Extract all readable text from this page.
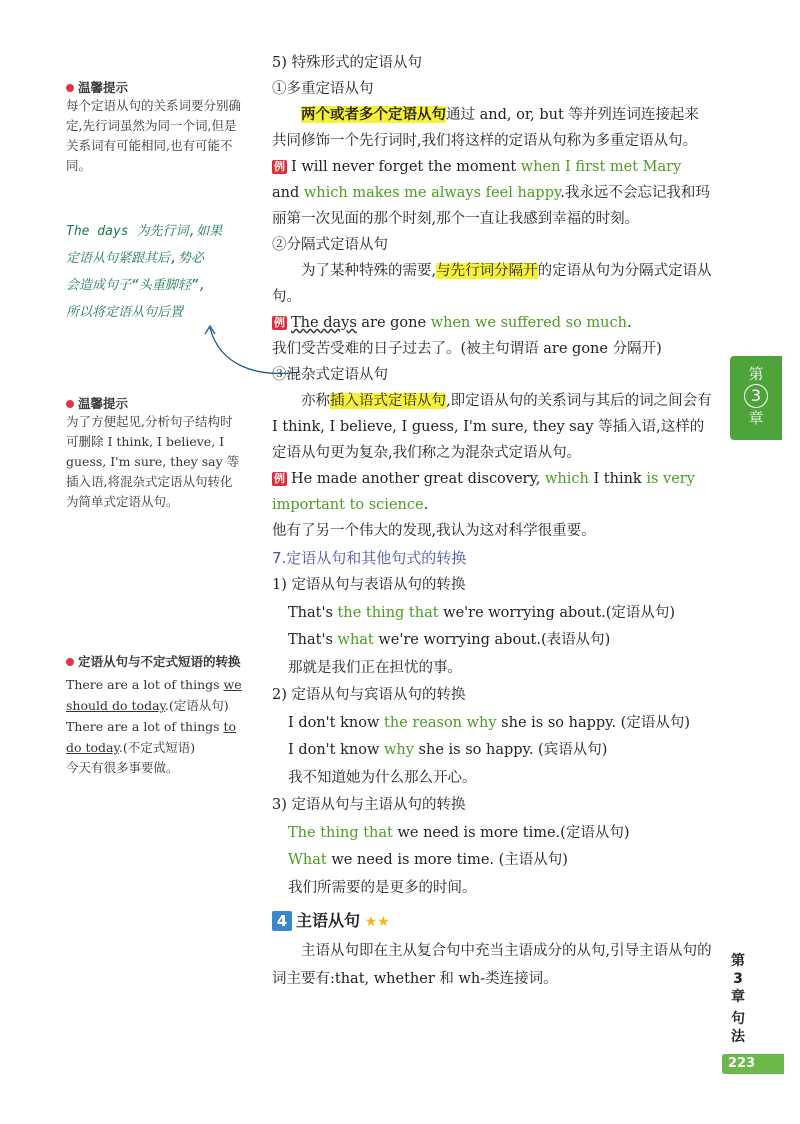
温馨提示
每个定语从句的关系词要分别确定,先行词虽然为同一个词,但是关系词有可能相同,也有可能不同。
The days 为先行词,如果
定语从句紧跟其后,势必
会造成句子“头重脚轻”,
所以将定语从句后置
温馨提示
为了方便起见,分析句子结构时可删除 I think, I believe, I guess, I'm sure, they say 等插入语,将混杂式定语从句转化为简单式定语从句。
定语从句与不定式短语的转换
There are a lot of things we should do today.(定语从句)
There are a lot of things to do today.(不定式短语)
今天有很多事要做。
5) 特殊形式的定语从句
①多重定语从句
两个或者多个定语从句通过 and, or, but 等并列连词连接起来共同修饰一个先行词时,我们将这样的定语从句称为多重定语从句。
例 I will never forget the moment when I first met Mary and which makes me always feel happy.我永远不会忘记我和玛丽第一次见面的那个时刻,那个一直让我感到幸福的时刻。
②分隔式定语从句
为了某种特殊的需要,与先行词分隔开的定语从句为分隔式定语从句。
例 The days are gone when we suffered so much.
我们受苦受难的日子过去了。(被主句谓语 are gone 分隔开)
③混杂式定语从句
亦称插入语式定语从句,即定语从句的关系词与其后的词之间会有 I think, I believe, I guess, I'm sure, they say 等插入语,这样的定语从句更为复杂,我们称之为混杂式定语从句。
例 He made another great discovery, which I think is very important to science.
他有了另一个伟大的发现,我认为这对科学很重要。
7.定语从句和其他句式的转换
1) 定语从句与表语从句的转换
That's the thing that we're worrying about.(定语从句)
That's what we're worrying about.(表语从句)
那就是我们正在担忧的事。
2) 定语从句与宾语从句的转换
I don't know the reason why she is so happy. (定语从句)
I don't know why she is so happy. (宾语从句)
我不知道她为什么那么开心。
3) 定语从句与主语从句的转换
The thing that we need is more time.(定语从句)
What we need is more time. (主语从句)
我们所需要的是更多的时间。
4 主语从句 ★★
主语从句即在主从复合句中充当主语成分的从句,引导主语从句的词主要有:that, whether 和 wh-类连接词。
第
3
章
第
3
章
句
法
223
